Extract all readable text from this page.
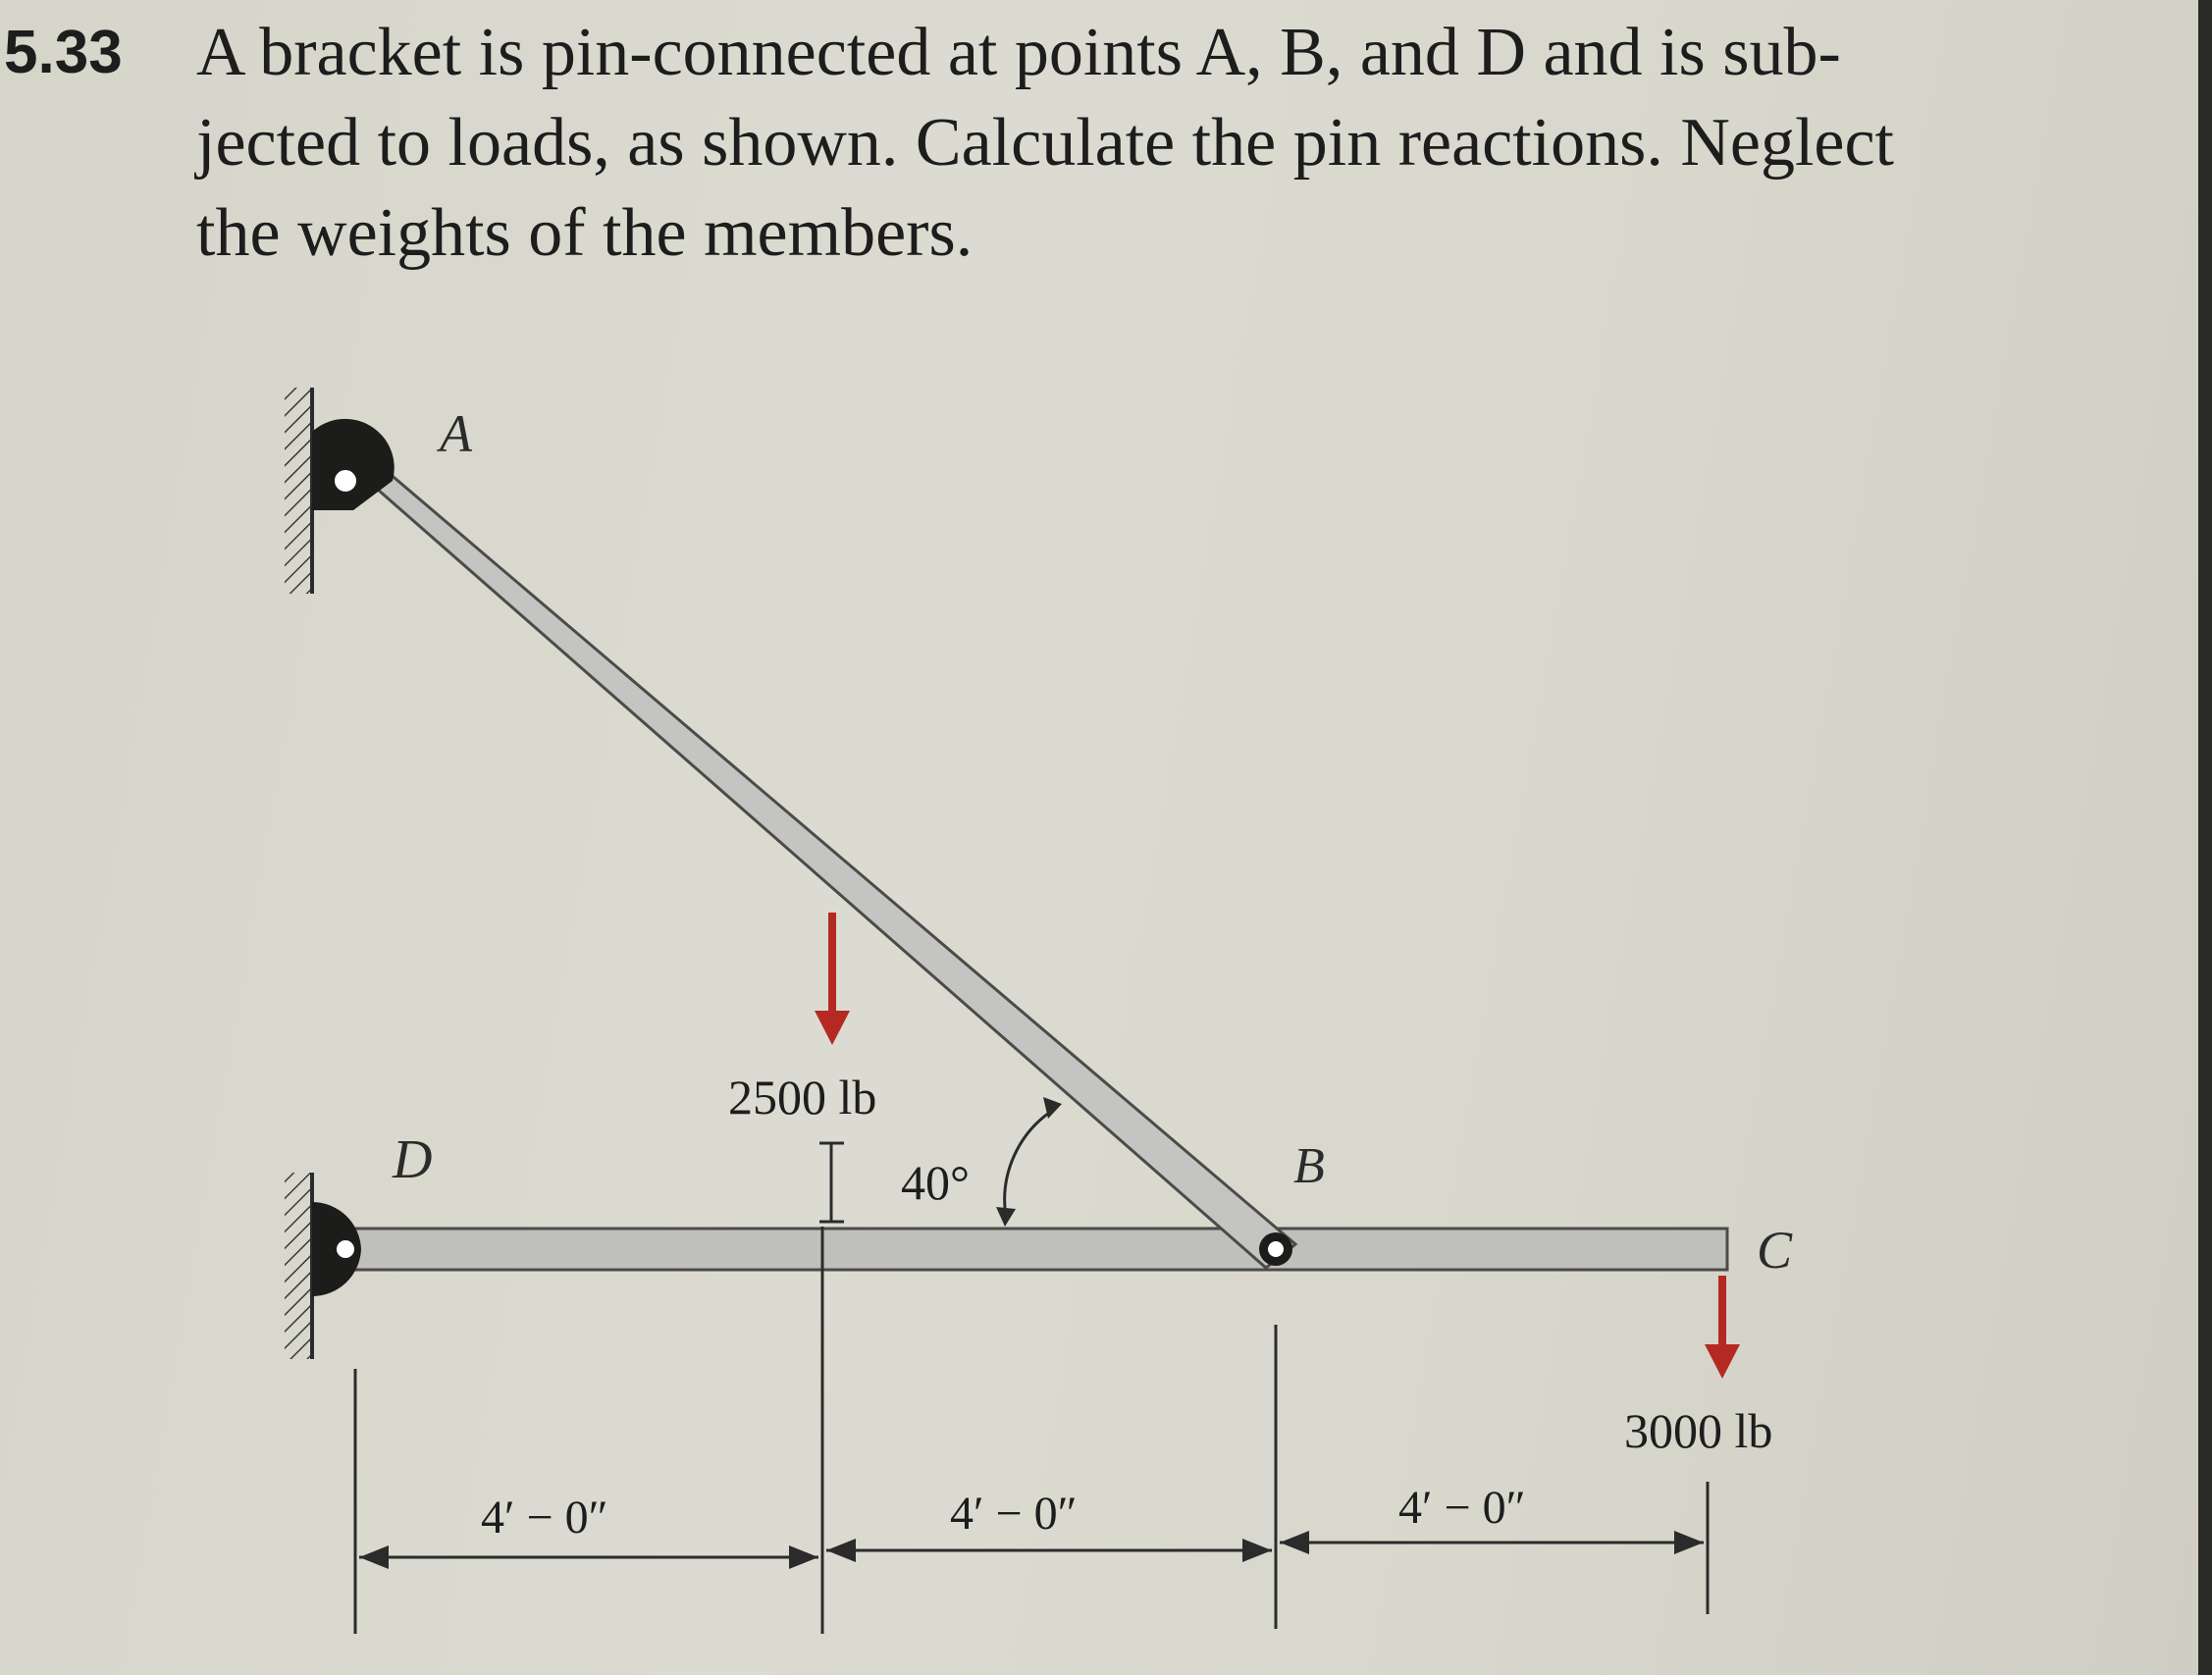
5.33 A bracket is pin-connected at points A, B, and D and is sub-
jected to loads, as shown. Calculate the pin reactions. Neglect
the weights of the members.
A
D	B
C
2500 lb
40°
3000 lb
4′ − 0″	4′ − 0″	4′ − 0″
